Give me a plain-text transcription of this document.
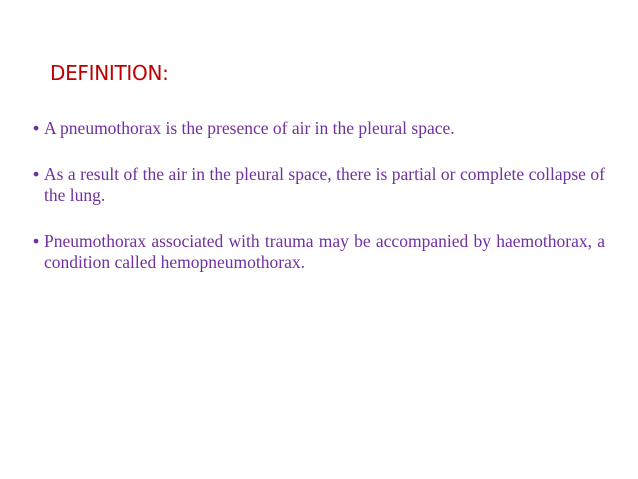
DEFINITION:
• A pneumothorax is the presence of air in the pleural space.
• As a result of the air in the pleural space, there is partial or complete collapse of the lung.
• Pneumothorax associated with trauma may be accompanied by haemothorax, a condition called hemopneumothorax.
